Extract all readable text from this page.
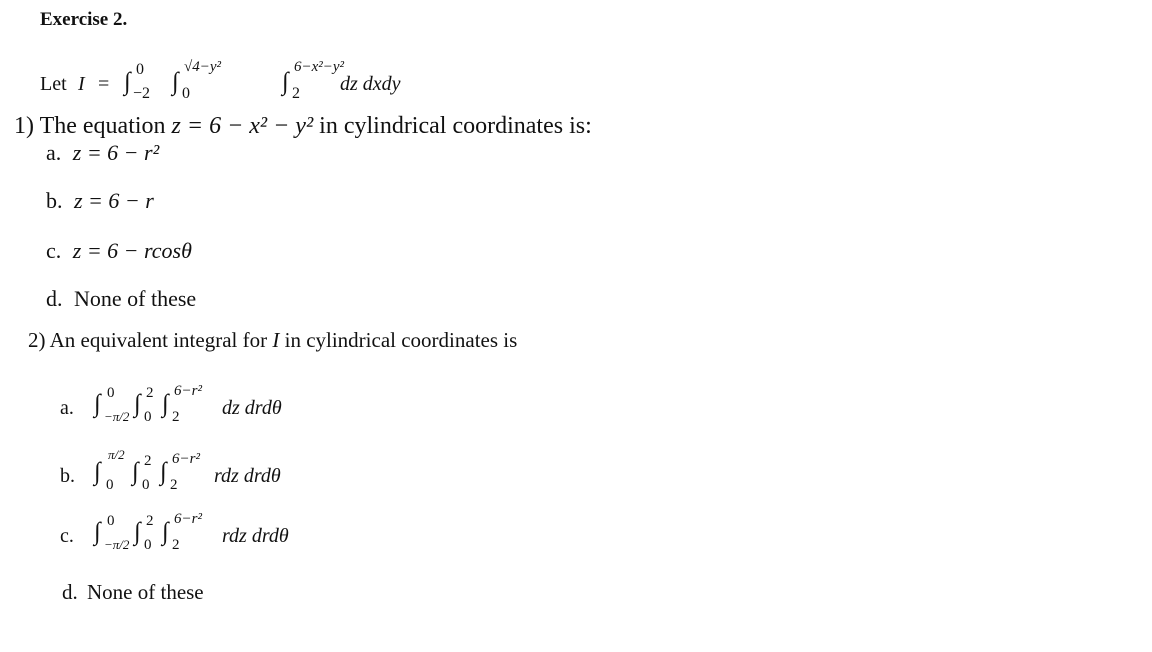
Exercise 2.
Let I = ∫ 0
−2 ∫
√4−y²
0	∫
6−x²−y²
2 dz dxdy
1) The equation z = 6 − x² − y² in cylindrical coordinates is:
a. z = 6 − r²
b. z = 6 − r
c. z = 6 − rcosθ
d. None of these
2) An equivalent integral for I in cylindrical coordinates is
a. ∫ 0
−π/2 ∫ 2
0 ∫ 6−r²
2 dz drdθ
b. ∫
π/2
0 ∫ 2
0 ∫ 6−r²
2 rdz drdθ
c. ∫ 0
−π/2 ∫ 2
0 ∫ 6−r²
2 rdz drdθ
d. None of these
